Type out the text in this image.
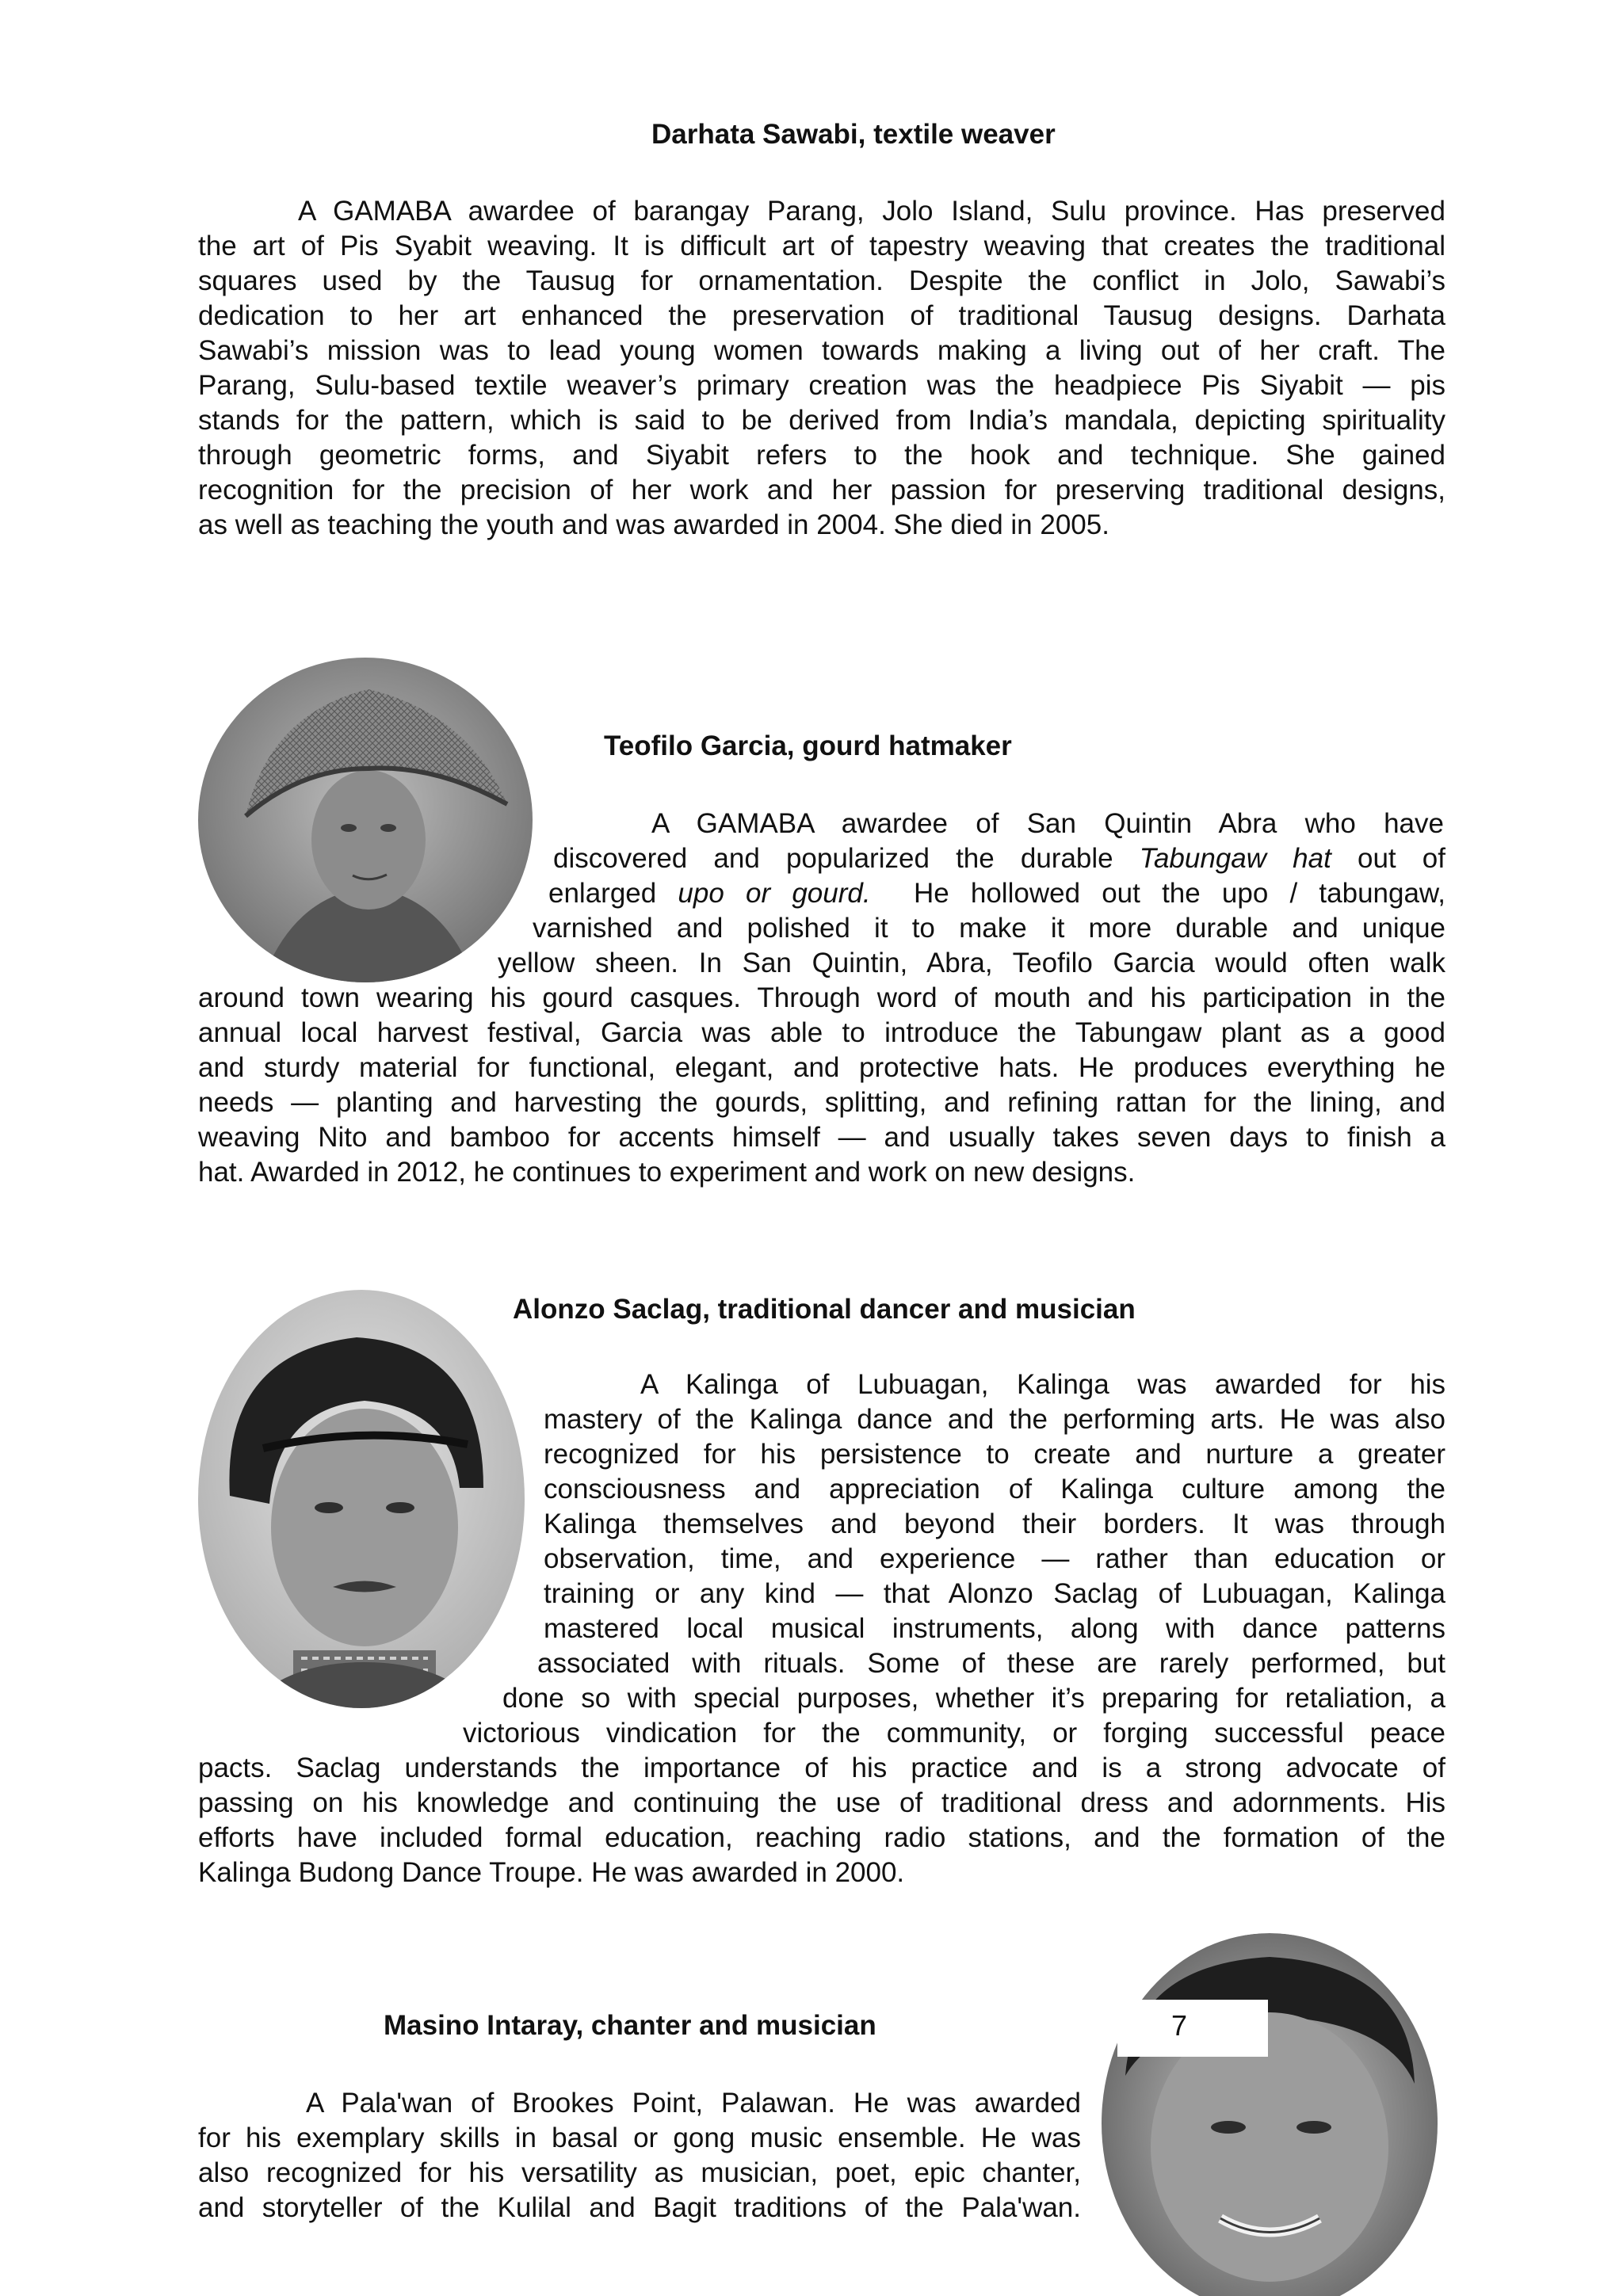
Darhata Sawabi, textile weaver
A GAMABA awardee of barangay Parang, Jolo Island, Sulu province. Has preserved
the art of Pis Syabit weaving. It is difficult art of tapestry weaving that creates the traditional
squares used by the Tausug for ornamentation. Despite the conflict in Jolo, Sawabi’s
dedication to her art enhanced the preservation of traditional Tausug designs. Darhata
Sawabi’s mission was to lead young women towards making a living out of her craft. The
Parang, Sulu-based textile weaver’s primary creation was the headpiece Pis Siyabit — pis
stands for the pattern, which is said to be derived from India’s mandala, depicting spirituality
through geometric forms, and Siyabit refers to the hook and technique. She gained
recognition for the precision of her work and her passion for preserving traditional designs,
as well as teaching the youth and was awarded in 2004. She died in 2005.
Teofilo Garcia, gourd hatmaker
A GAMABA awardee of San Quintin Abra who have
discovered and popularized the durable Tabungaw hat out of
enlarged upo or gourd.  He hollowed out the upo / tabungaw,
varnished and polished it to make it more durable and unique
yellow sheen. In San Quintin, Abra, Teofilo Garcia would often walk
around town wearing his gourd casques. Through word of mouth and his participation in the
annual local harvest festival, Garcia was able to introduce the Tabungaw plant as a good
and sturdy material for functional, elegant, and protective hats. He produces everything he
needs — planting and harvesting the gourds, splitting, and refining rattan for the lining, and
weaving Nito and bamboo for accents himself — and usually takes seven days to finish a
hat. Awarded in 2012, he continues to experiment and work on new designs.
Alonzo Saclag, traditional dancer and musician
A Kalinga of Lubuagan, Kalinga was awarded for his
mastery of the Kalinga dance and the performing arts. He was also
recognized for his persistence to create and nurture a greater
consciousness and appreciation of Kalinga culture among the
Kalinga themselves and beyond their borders. It was through
observation, time, and experience — rather than education or
training or any kind — that Alonzo Saclag of Lubuagan, Kalinga
mastered local musical instruments, along with dance patterns
associated with rituals. Some of these are rarely performed, but
done so with special purposes, whether it’s preparing for retaliation, a
victorious vindication for the community, or forging successful peace
pacts. Saclag understands the importance of his practice and is a strong advocate of
passing on his knowledge and continuing the use of traditional dress and adornments. His
efforts have included formal education, reaching radio stations, and the formation of the
Kalinga Budong Dance Troupe. He was awarded in 2000.
7
Masino Intaray, chanter and musician
A Pala'wan of Brookes Point, Palawan. He was awarded
for his exemplary skills in basal or gong music ensemble. He was
also recognized for his versatility as musician, poet, epic chanter,
and storyteller of the Kulilal and Bagit traditions of the Pala'wan.
